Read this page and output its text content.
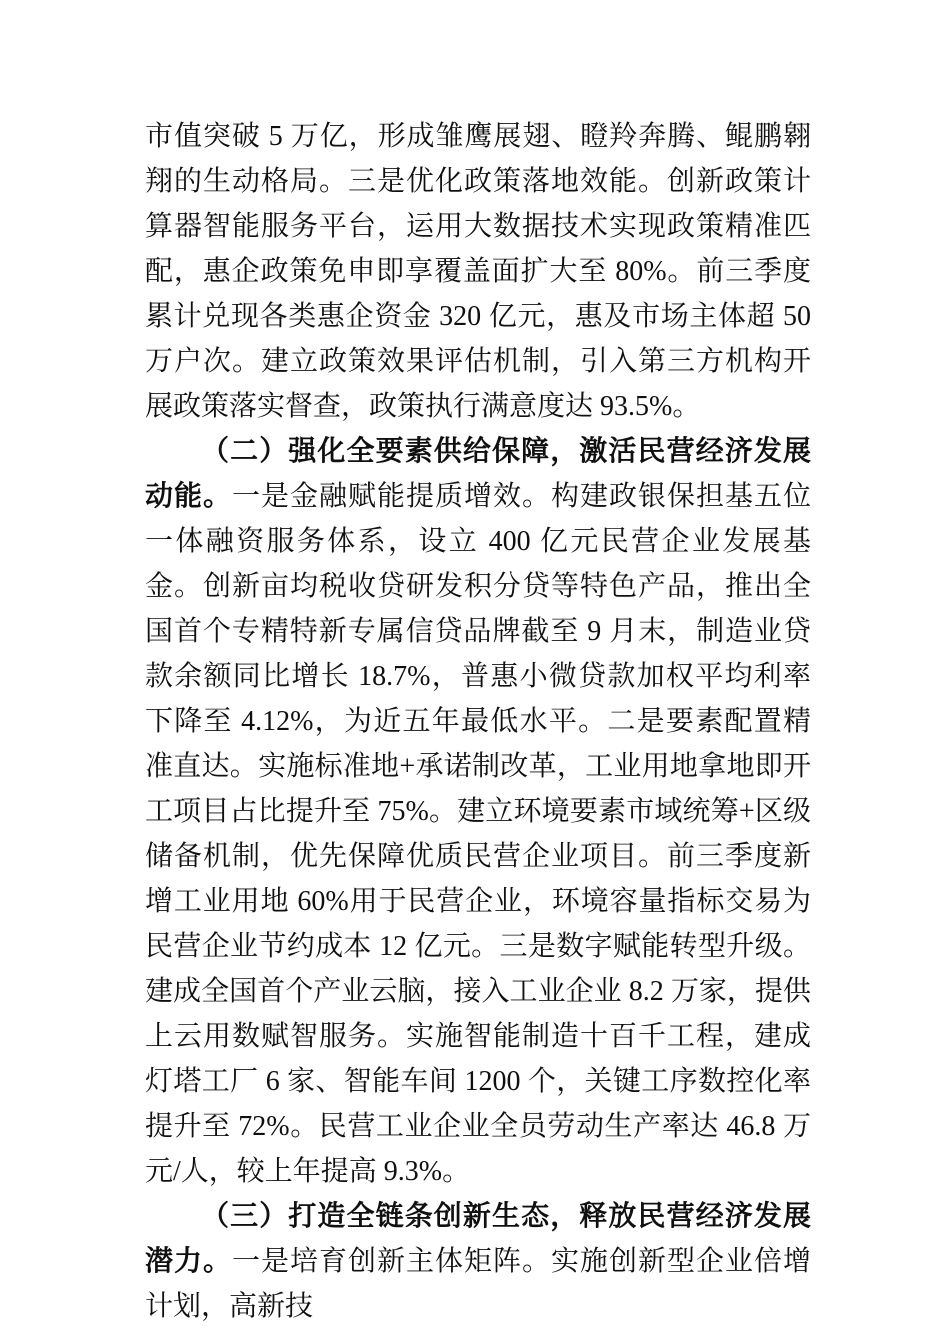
市值突破 5 万亿，形成雏鹰展翅、瞪羚奔腾、鲲鹏翱翔的生动格局。三是优化政策落地效能。创新政策计算器智能服务平台，运用大数据技术实现政策精准匹配，惠企政策免申即享覆盖面扩大至 80%。前三季度累计兑现各类惠企资金 320 亿元，惠及市场主体超 50 万户次。建立政策效果评估机制，引入第三方机构开展政策落实督查，政策执行满意度达 93.5%。

（二）强化全要素供给保障，激活民营经济发展动能。一是金融赋能提质增效。构建政银保担基五位一体融资服务体系，设立 400 亿元民营企业发展基金。创新亩均税收贷研发积分贷等特色产品，推出全国首个专精特新专属信贷品牌截至 9 月末，制造业贷款余额同比增长 18.7%，普惠小微贷款加权平均利率下降至 4.12%，为近五年最低水平。二是要素配置精准直达。实施标准地+承诺制改革，工业用地拿地即开工项目占比提升至 75%。建立环境要素市域统筹+区级储备机制，优先保障优质民营企业项目。前三季度新增工业用地 60%用于民营企业，环境容量指标交易为民营企业节约成本 12 亿元。三是数字赋能转型升级。建成全国首个产业云脑，接入工业企业 8.2 万家，提供上云用数赋智服务。实施智能制造十百千工程，建成灯塔工厂 6 家、智能车间 1200 个，关键工序数控化率提升至 72%。民营工业企业全员劳动生产率达 46.8 万元/人，较上年提高 9.3%。

（三）打造全链条创新生态，释放民营经济发展潜力。一是培育创新主体矩阵。实施创新型企业倍增计划，高新技
